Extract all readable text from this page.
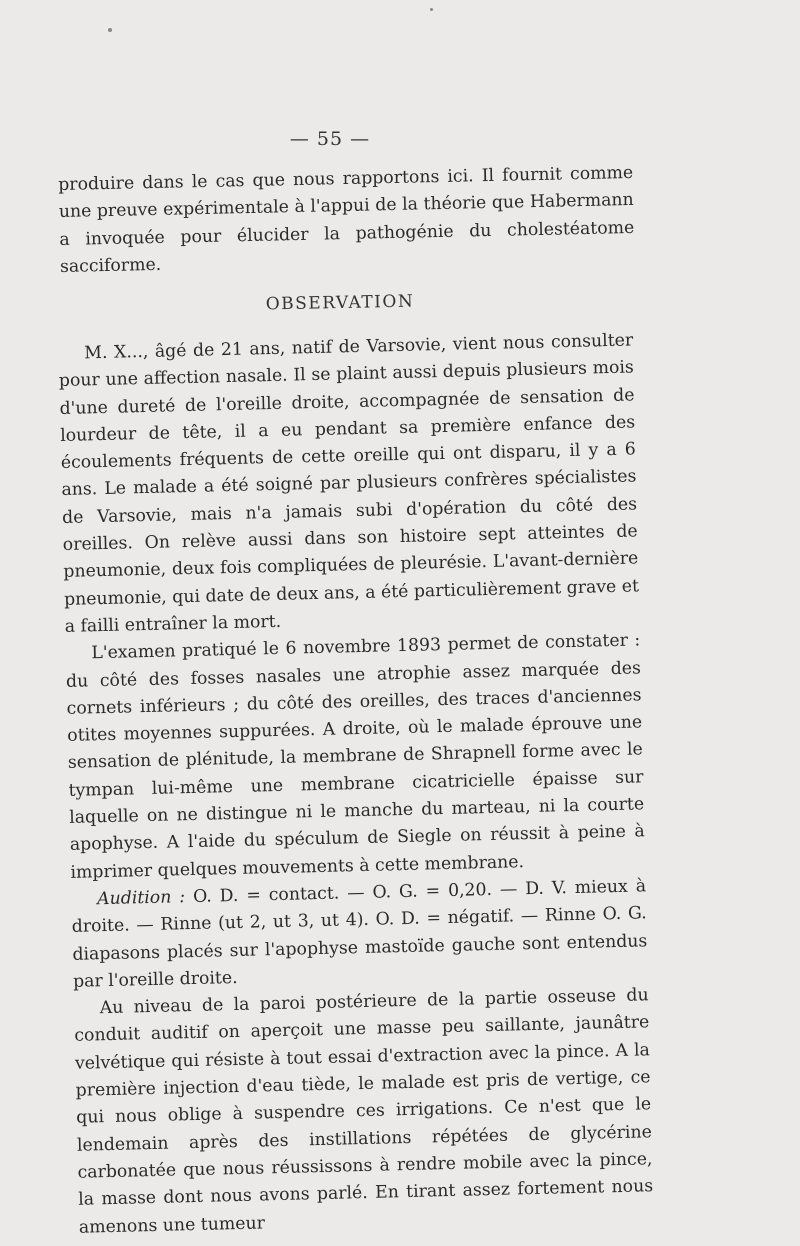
— 55 —

produire dans le cas que nous rapportons ici. Il fournit comme une preuve expérimentale à l'appui de la théorie que Habermann a invoquée pour élucider la pathogénie du cholestéatome sacciforme.

OBSERVATION

M. X..., âgé de 21 ans, natif de Varsovie, vient nous consulter pour une affection nasale. Il se plaint aussi depuis plusieurs mois d'une dureté de l'oreille droite, accompagnée de sensation de lourdeur de tête, il a eu pendant sa première enfance des écoulements fréquents de cette oreille qui ont disparu, il y a 6 ans. Le malade a été soigné par plusieurs confrères spécialistes de Varsovie, mais n'a jamais subi d'opération du côté des oreilles. On relève aussi dans son histoire sept atteintes de pneumonie, deux fois compliquées de pleurésie. L'avant-dernière pneumonie, qui date de deux ans, a été particulièrement grave et a failli entraîner la mort.

L'examen pratiqué le 6 novembre 1893 permet de constater : du côté des fosses nasales une atrophie assez marquée des cornets inférieurs ; du côté des oreilles, des traces d'anciennes otites moyennes suppurées. A droite, où le malade éprouve une sensation de plénitude, la membrane de Shrapnell forme avec le tympan lui-même une membrane cicatricielle épaisse sur laquelle on ne distingue ni le manche du marteau, ni la courte apophyse. A l'aide du spéculum de Siegle on réussit à peine à imprimer quelques mouvements à cette membrane.

Audition : O. D. = contact. — O. G. = 0,20. — D. V. mieux à droite. — Rinne (ut 2, ut 3, ut 4). O. D. = négatif. — Rinne O. G. diapasons placés sur l'apophyse mastoïde gauche sont entendus par l'oreille droite.

Au niveau de la paroi postérieure de la partie osseuse du conduit auditif on aperçoit une masse peu saillante, jaunâtre velvétique qui résiste à tout essai d'extraction avec la pince. A la première injection d'eau tiède, le malade est pris de vertige, ce qui nous oblige à suspendre ces irrigations. Ce n'est que le lendemain après des instillations répétées de glycérine carbonatée que nous réussissons à rendre mobile avec la pince, la masse dont nous avons parlé. En tirant assez fortement nous amenons une tumeur
